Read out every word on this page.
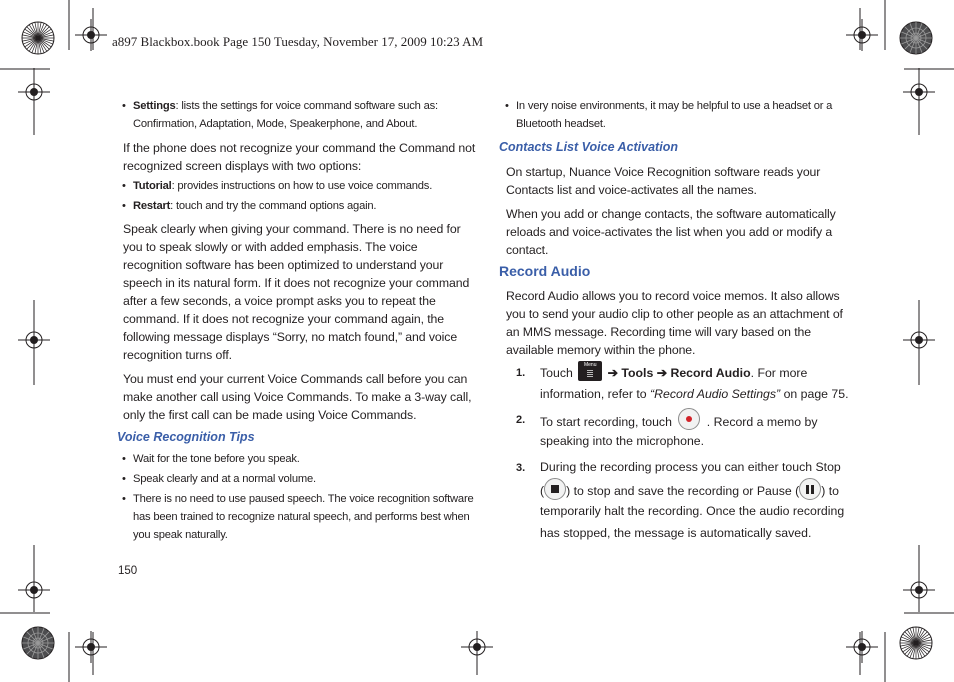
a897 Blackbox.book Page 150 Tuesday, November 17, 2009 10:23 AM
• Settings: lists the settings for voice command software such as:
Confirmation, Adaptation, Mode, Speakerphone, and About.
If the phone does not recognize your command the Command not
recognized screen displays with two options:
• Tutorial: provides instructions on how to use voice commands.
• Restart: touch and try the command options again.
Speak clearly when giving your command. There is no need for
you to speak slowly or with added emphasis. The voice
recognition software has been optimized to understand your
speech in its natural form. If it does not recognize your command
after a few seconds, a voice prompt asks you to repeat the
command. If it does not recognize your command again, the
following message displays “Sorry, no match found,” and voice
recognition turns off.
You must end your current Voice Commands call before you can
make another call using Voice Commands. To make a 3-way call,
only the first call can be made using Voice Commands.
Voice Recognition Tips
• Wait for the tone before you speak.
• Speak clearly and at a normal volume.
• There is no need to use paused speech. The voice recognition software
has been trained to recognize natural speech, and performs best when
you speak naturally.
150
• In very noise environments, it may be helpful to use a headset or a
Bluetooth headset.
Contacts List Voice Activation
On startup, Nuance Voice Recognition software reads your
Contacts list and voice-activates all the names.
When you add or change contacts, the software automatically
reloads and voice-activates the list when you add or modify a
contact.
Record Audio
Record Audio allows you to record voice memos. It also allows
you to send your audio clip to other people as an attachment of
an MMS message. Recording time will vary based on the
available memory within the phone.
1. Touch
Menu
➔ Tools ➔ Record Audio. For more
information, refer to “Record Audio Settings” on page 75.
2. To start recording, touch	. Record a memo by
speaking into the microphone.
3. During the recording process you can either touch Stop
( ) to stop and save the recording or Pause ( ) to
temporarily halt the recording. Once the audio recording
has stopped, the message is automatically saved.
